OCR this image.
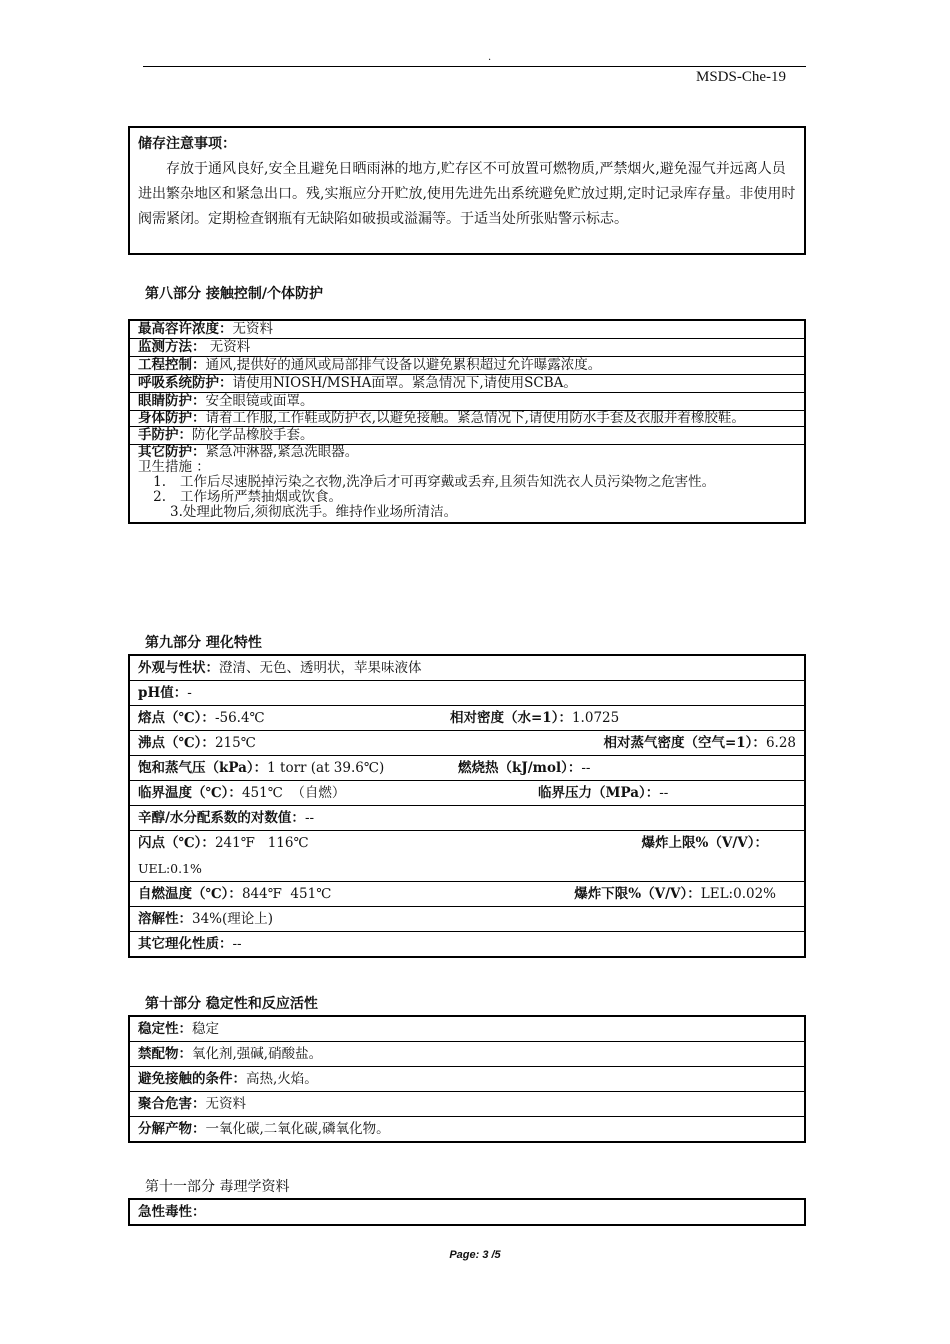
.
MSDS-Che-19
储存注意事项：
存放于通风良好,安全且避免日晒雨淋的地方,贮存区不可放置可燃物质,严禁烟火,避免湿气并远离人员进出繁杂地区和紧急出口。残,实瓶应分开贮放,使用先进先出系统避免贮放过期,定时记录库存量。非使用时阀需紧闭。定期检查钢瓶有无缺陷如破损或溢漏等。于适当处所张贴警示标志。
第八部分 接触控制/个体防护
最高容许浓度：无资料
监测方法： 无资料
工程控制：通风,提供好的通风或局部排气设备以避免累积超过允许曝露浓度。
呼吸系统防护：请使用NIOSH/MSHA面罩。紧急情况下,请使用SCBA。
眼睛防护：安全眼镜或面罩。
身体防护：请着工作服,工作鞋或防护衣,以避免接触。紧急情况下,请使用防水手套及衣服并着橡胶鞋。
手防护：防化学品橡胶手套。

其它防护：紧急冲淋器,紧急洗眼器。
卫生措施 ：
1.	工作后尽速脱掉污染之衣物,洗净后才可再穿戴或丢弃,且须告知洗衣人员污染物之危害性。
2.	工作场所严禁抽烟或饮食。
3.处理此物后,须彻底洗手。维持作业场所清洁。
第九部分 理化特性
外观与性状：澄清、无色、透明状，苹果味液体
pH值：-
熔点（℃）：-56.4℃	相对密度（水=1）：1.0725

沸点（℃）：215℃	相对蒸气密度（空气=1）：6.28

饱和蒸气压（kPa）：1 torr (at 39.6℃)	燃烧热（kJ/mol）：--
临界温度（℃）：451℃  （自燃）	临界压力（MPa）：--
辛醇/水分配系数的对数值：--

闪点（℃）：241℉   116℃	爆炸上限%（V/V）：
UEL:0.1%

自燃温度（℃）：844℉  451℃	爆炸下限%（V/V）：LEL:0.02%

溶解性：34%(理论上)
其它理化性质：--
第十部分 稳定性和反应活性
稳定性：稳定
禁配物：氧化剂,强碱,硝酸盐。
避免接触的条件：高热,火焰。
聚合危害：无资料
分解产物：一氧化碳,二氧化碳,磷氧化物。
第十一部分 毒理学资料
急性毒性：
Page: 3 /5
